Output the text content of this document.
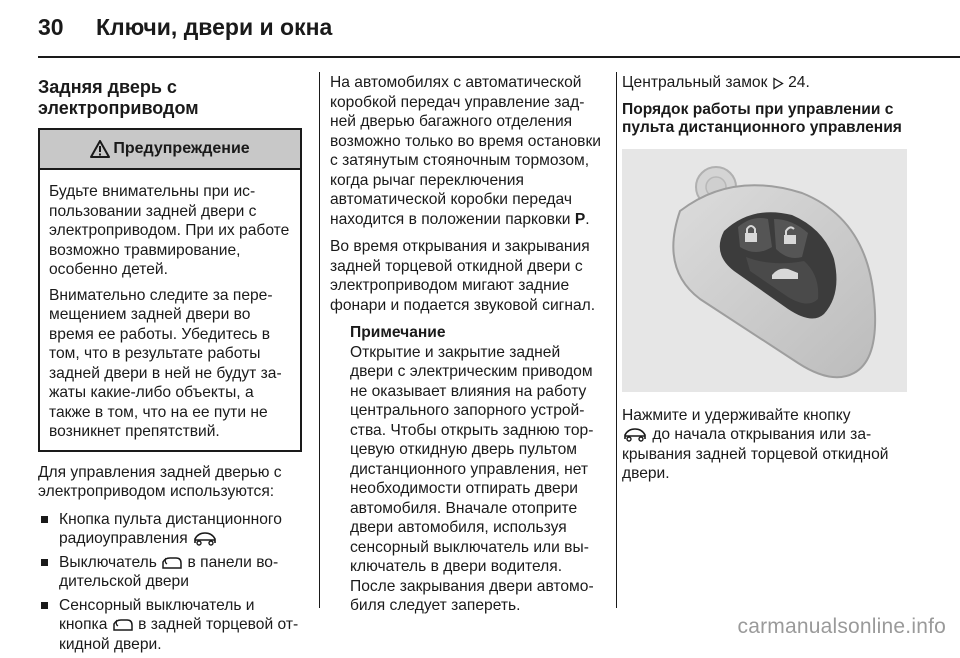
30 Ключи, двери и окна
Задняя дверь с электроприводом
Предупреждение

Будьте внимательны при использовании задней двери с электроприводом. При их работе возможно травмирование, особенно детей.

Внимательно следите за перемещением задней двери во время ее работы. Убедитесь в том, что в результате работы задней двери в ней не будут зажаты какие-либо объекты, а также в том, что на ее пути не возникнет препятствий.

Для управления задней дверью с электроприводом используются:

Кнопка пульта дистанционного радиоуправления
Выключатель  в панели водительской двери
Сенсорный выключатель и кнопка  в задней торцевой откидной двери.

На автомобилях с автоматической коробкой передач управление задней дверью багажного отделения возможно только во время остановки с затянутым стояночным тормозом, когда рычаг переключения автоматической коробки передач находится в положении парковки P.

Во время открывания и закрывания задней торцевой откидной двери с электроприводом мигают задние фонари и подается звуковой сигнал.

Примечание
Открытие и закрытие задней двери с электрическим приводом не оказывает влияния на работу центрального запорного устройства. Чтобы открыть заднюю торцевую откидную дверь пультом дистанционного управления, нет необходимости отпирать двери автомобиля. Вначале отоприте двери автомобиля, используя сенсорный выключатель или выключатель в двери водителя. После закрывания двери автомобиля следует запереть.

Центральный замок 24.

Порядок работы при управлении с пульта дистанционного управления

Нажмите и удерживайте кнопку
до начала открывания или закрывания задней торцевой откидной двери.

carmanualsonline.info
